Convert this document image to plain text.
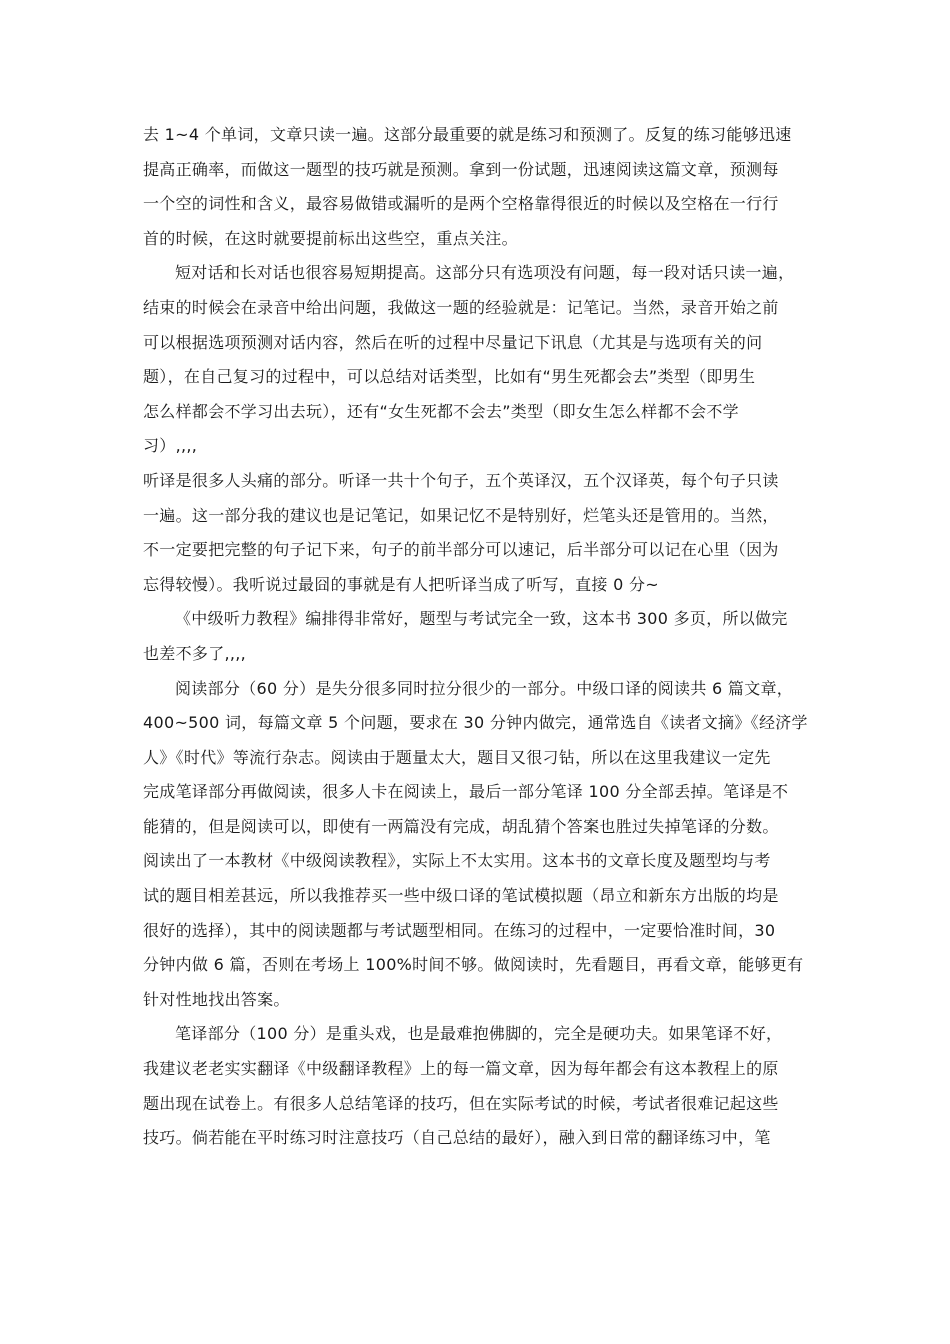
去 1~4 个单词，文章只读一遍。这部分最重要的就是练习和预测了。反复的练习能够迅速
提高正确率，而做这一题型的技巧就是预测。拿到一份试题，迅速阅读这篇文章，预测每
一个空的词性和含义，最容易做错或漏听的是两个空格靠得很近的时候以及空格在一行行
首的时候，在这时就要提前标出这些空，重点关注。
短对话和长对话也很容易短期提高。这部分只有选项没有问题，每一段对话只读一遍，
结束的时候会在录音中给出问题，我做这一题的经验就是：记笔记。当然，录音开始之前
可以根据选项预测对话内容，然后在听的过程中尽量记下讯息（尤其是与选项有关的问
题），在自己复习的过程中，可以总结对话类型，比如有“男生死都会去”类型（即男生
怎么样都会不学习出去玩），还有“女生死都不会去”类型（即女生怎么样都不会不学
习）,,,,
听译是很多人头痛的部分。听译一共十个句子，五个英译汉，五个汉译英，每个句子只读
一遍。这一部分我的建议也是记笔记，如果记忆不是特别好，烂笔头还是管用的。当然，
不一定要把完整的句子记下来，句子的前半部分可以速记，后半部分可以记在心里（因为
忘得较慢）。我听说过最囧的事就是有人把听译当成了听写，直接 0 分~
《中级听力教程》编排得非常好，题型与考试完全一致，这本书 300 多页，所以做完
也差不多了,,,,
阅读部分（60 分）是失分很多同时拉分很少的一部分。中级口译的阅读共 6 篇文章，
400~500 词，每篇文章 5 个问题，要求在 30 分钟内做完，通常选自《读者文摘》《经济学
人》《时代》等流行杂志。阅读由于题量太大，题目又很刁钻，所以在这里我建议一定先
完成笔译部分再做阅读，很多人卡在阅读上，最后一部分笔译 100 分全部丢掉。笔译是不
能猜的，但是阅读可以，即使有一两篇没有完成，胡乱猜个答案也胜过失掉笔译的分数。
阅读出了一本教材《中级阅读教程》，实际上不太实用。这本书的文章长度及题型均与考
试的题目相差甚远，所以我推荐买一些中级口译的笔试模拟题（昂立和新东方出版的均是
很好的选择），其中的阅读题都与考试题型相同。在练习的过程中，一定要恰准时间，30
分钟内做 6 篇，否则在考场上 100%时间不够。做阅读时，先看题目，再看文章，能够更有
针对性地找出答案。
笔译部分（100 分）是重头戏，也是最难抱佛脚的，完全是硬功夫。如果笔译不好，
我建议老老实实翻译《中级翻译教程》上的每一篇文章，因为每年都会有这本教程上的原
题出现在试卷上。有很多人总结笔译的技巧，但在实际考试的时候，考试者很难记起这些
技巧。倘若能在平时练习时注意技巧（自己总结的最好），融入到日常的翻译练习中，笔
